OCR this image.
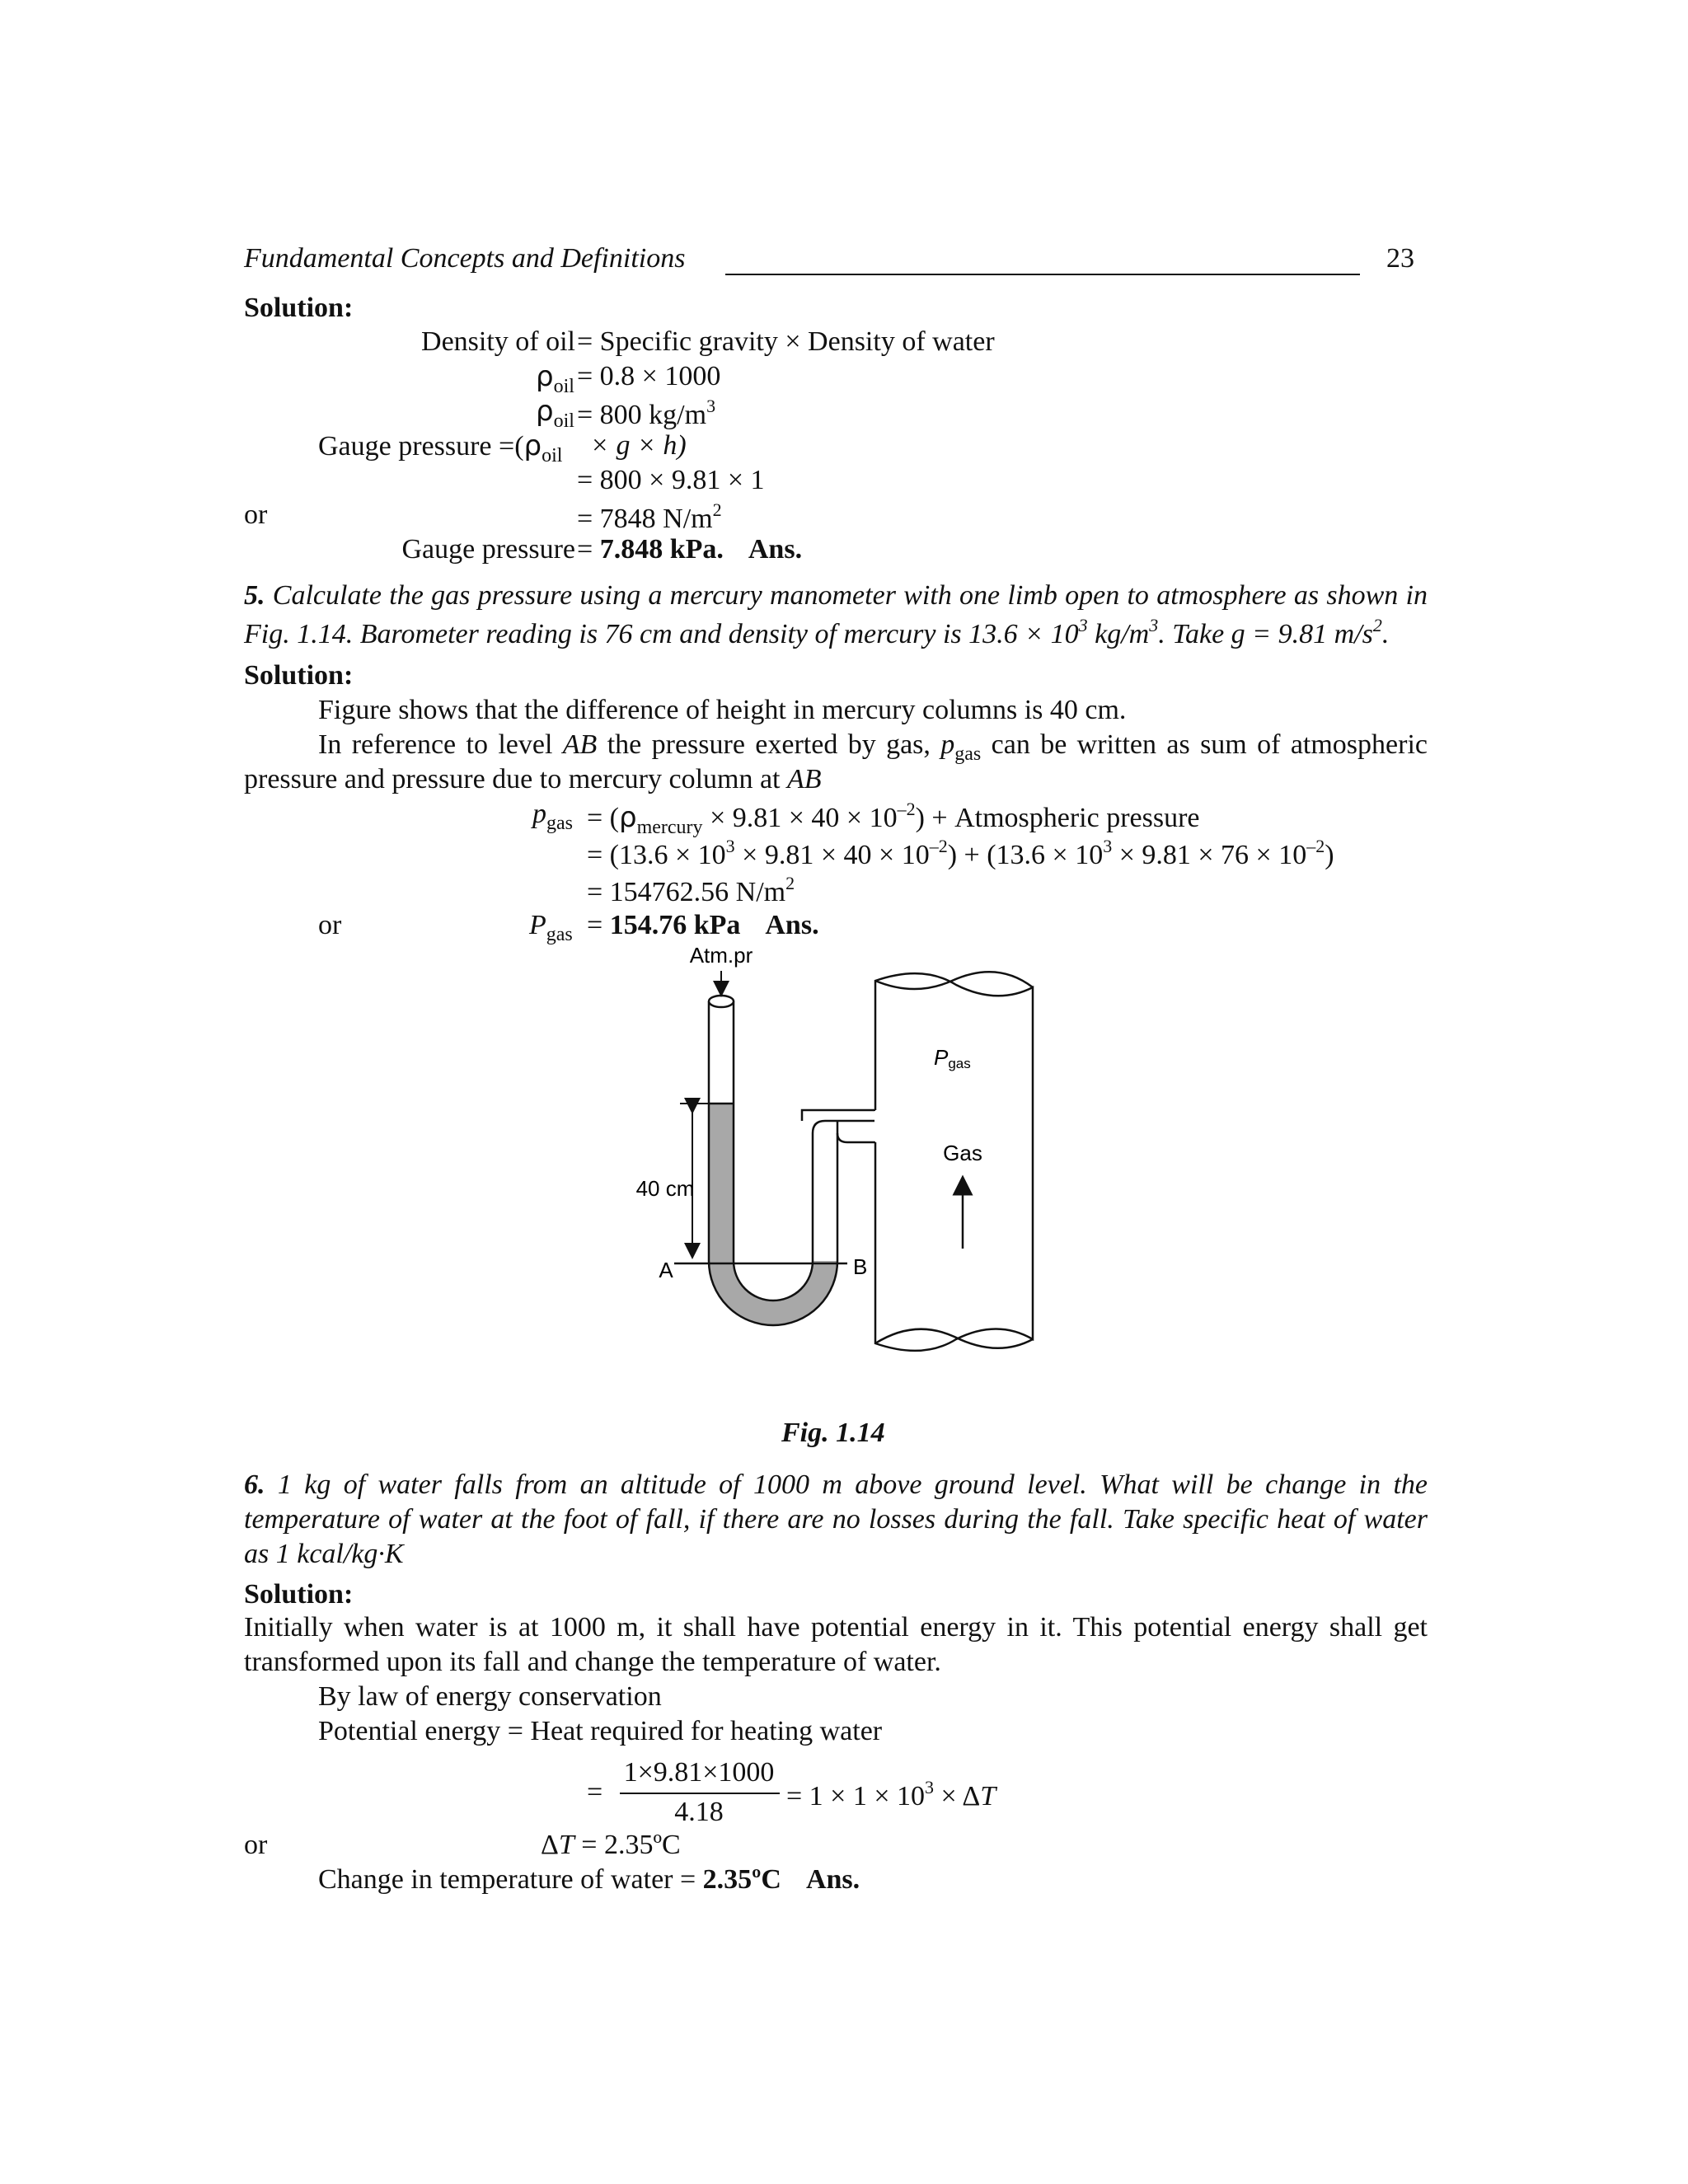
Fundamental Concepts and Definitions	23
Solution:
Density of oil = Specific gravity × Density of water
$\rho_{oil} = 0.8 \times 1000$
$\rho_{oil} = 800$ $kg/m^3$
Gauge pressure $=(\rho_{oil} \times g \times h)$
= 800 × 9.81 × 1
or	= 7848 $N/m^2$
Gauge pressure = 7.848 kPa. Ans.
5. Calculate the gas pressure using a mercury manometer with one limb open to atmosphere as shown in
Fig. 1.14. Barometer reading is 76 cm and density of mercury is $13.6 \times 10^3$ $kg/m^3$. Take g = 9.81 $m/s^2$.
Solution:
Figure shows that the difference of height in mercury columns is 40 cm.
In reference to level AB the pressure exerted by gas, $p_{gas}$ can be written as sum of atmospheric
pressure and pressure due to mercury column at AB
$p_{gas} = (\rho_{mercury} \times 9.81 \times 40 \times 10^{-2})$ + Atmospheric pressure
= $(13.6 \times 10^3 \times 9.81 \times 40 \times 10^{-2}) + (13.6 \times 10^3 \times 9.81 \times 76 \times 10^{-2})$
= 154762.56 $N/m^2$
or	$P_{gas} = 154.76$ kPa Ans.
Atm.pr
Pgas
Gas
40 cm
A	B
Fig. 1.14
6. 1 kg of water falls from an altitude of 1000 m above ground level. What will be change in the
temperature of water at the foot of fall, if there are no losses during the fall. Take specific heat of water
as 1 kcal/kg·K
Solution:
Initially when water is at 1000 m, it shall have potential energy in it. This potential energy shall get
transformed upon its fall and change the temperature of water.
By law of energy conservation
Potential energy = Heat required for heating water
=
1×9.81×1000
4.18
= $1 \times 1 \times 10^3 \times \Delta T$
or	ΔT = 2.35ºC
Change in temperature of water = 2.35ºC Ans.
